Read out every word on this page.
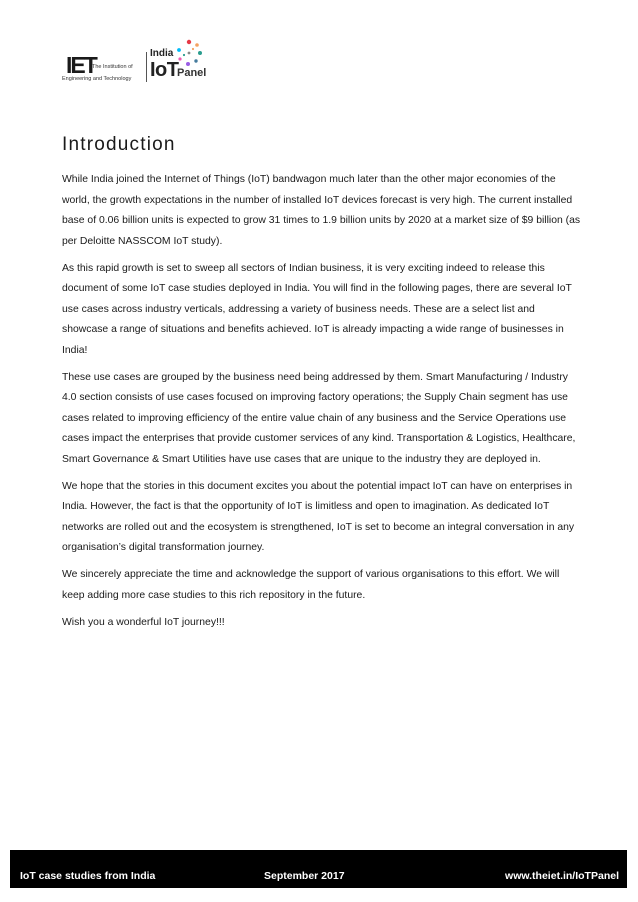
IET
The Institution of
Engineering and Technology
India
IoT
Panel
Introduction

While India joined the Internet of Things (IoT) bandwagon much later than the other major economies of the world, the growth expectations in the number of installed IoT devices forecast is very high. The current installed base of 0.06 billion units is expected to grow 31 times to 1.9 billion units by 2020 at a market size of $9 billion (as per Deloitte NASSCOM IoT study).

As this rapid growth is set to sweep all sectors of Indian business, it is very exciting indeed to release this document of some IoT case studies deployed in India. You will find in the following pages, there are several IoT use cases across industry verticals, addressing a variety of business needs. These are a select list and showcase a range of situations and benefits achieved. IoT is already impacting a wide range of businesses in India!

These use cases are grouped by the business need being addressed by them. Smart Manufacturing / Industry 4.0 section consists of use cases focused on improving factory operations; the Supply Chain segment has use cases related to improving efficiency of the entire value chain of any business and the Service Operations use cases impact the enterprises that provide customer services of any kind. Transportation & Logistics, Healthcare, Smart Governance & Smart Utilities have use cases that are unique to the industry they are deployed in.

We hope that the stories in this document excites you about the potential impact IoT can have on enterprises in India. However, the fact is that the opportunity of IoT is limitless and open to imagination. As dedicated IoT networks are rolled out and the ecosystem is strengthened, IoT is set to become an integral conversation in any organisation’s digital transformation journey.

We sincerely appreciate the time and acknowledge the support of various organisations to this effort. We will keep adding more case studies to this rich repository in the future.

Wish you a wonderful IoT journey!!!

IoT case studies from India	September 2017	www.theiet.in/IoTPanel
